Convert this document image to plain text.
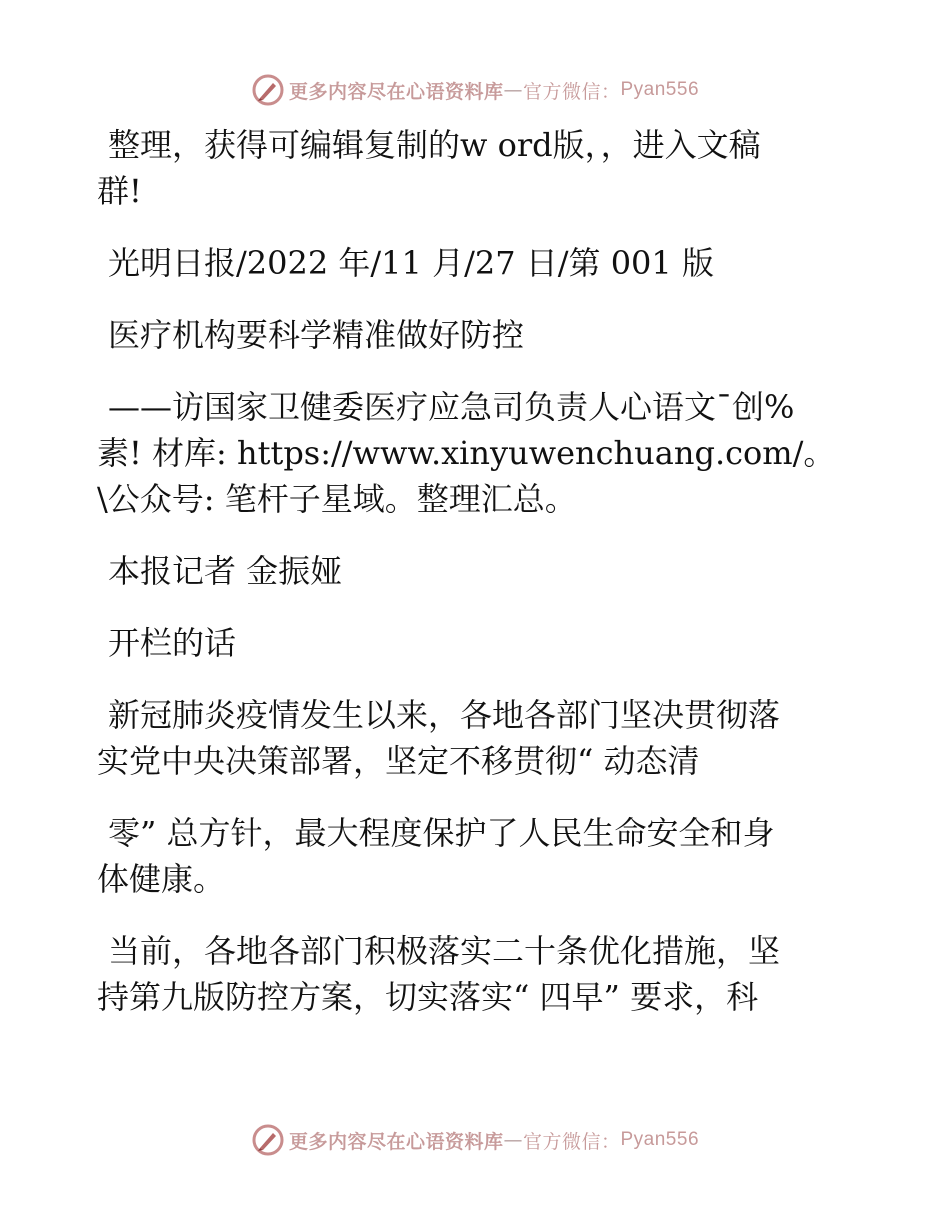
更多内容尽在心语资料库 — 官方微信： Pyan556

整理，获得可编辑复制的w ord版，，进入文稿

群!

光明日报/2022 年/11 月/27 日/第 001 版

医疗机构要科学精准做好防控

——访国家卫健委医疗应急司负责人心语文¯创%

素! 材库: https://www.xinyuwenchuang.com/。

\公众号: 笔杆子星域。整理汇总。

本报记者 金振娅

开栏的话

新冠肺炎疫情发生以来，各地各部门坚决贯彻落

实党中央决策部署，坚定不移贯彻“ 动态清

零” 总方针，最大程度保护了人民生命安全和身

体健康。

当前，各地各部门积极落实二十条优化措施，坚

持第九版防控方案，切实落实“ 四早” 要求，科

更多内容尽在心语资料库 — 官方微信： Pyan556
